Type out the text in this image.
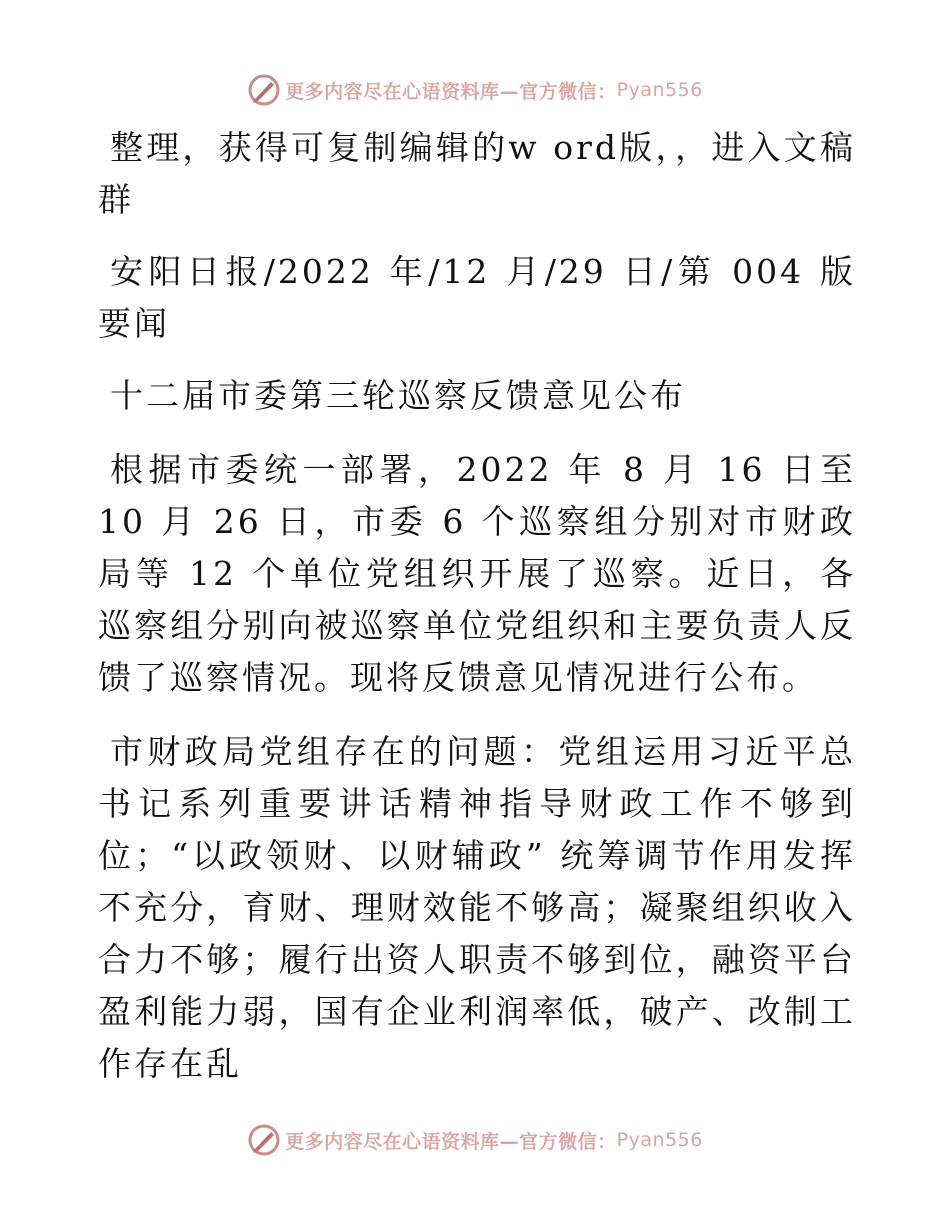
更多内容尽在心语资料库—官方微信： Pyan556

整理，获得可复制编辑的w ord版，，进入文稿群

安阳日报/2022 年/12 月/29 日/第 004 版要闻

十二届市委第三轮巡察反馈意见公布

根据市委统一部署，2022 年 8 月 16 日至 10 月 26 日，市委 6 个巡察组分别对市财政局等 12 个单位党组织开展了巡察。近日，各巡察组分别向被巡察单位党组织和主要负责人反馈了巡察情况。现将反馈意见情况进行公布。

市财政局党组存在的问题：党组运用习近平总书记系列重要讲话精神指导财政工作不够到位；“以政领财、以财辅政” 统筹调节作用发挥不充分，育财、理财效能不够高；凝聚组织收入合力不够；履行出资人职责不够到位，融资平台盈利能力弱，国有企业利润率低，破产、改制工作存在乱

更多内容尽在心语资料库—官方微信： Pyan556
